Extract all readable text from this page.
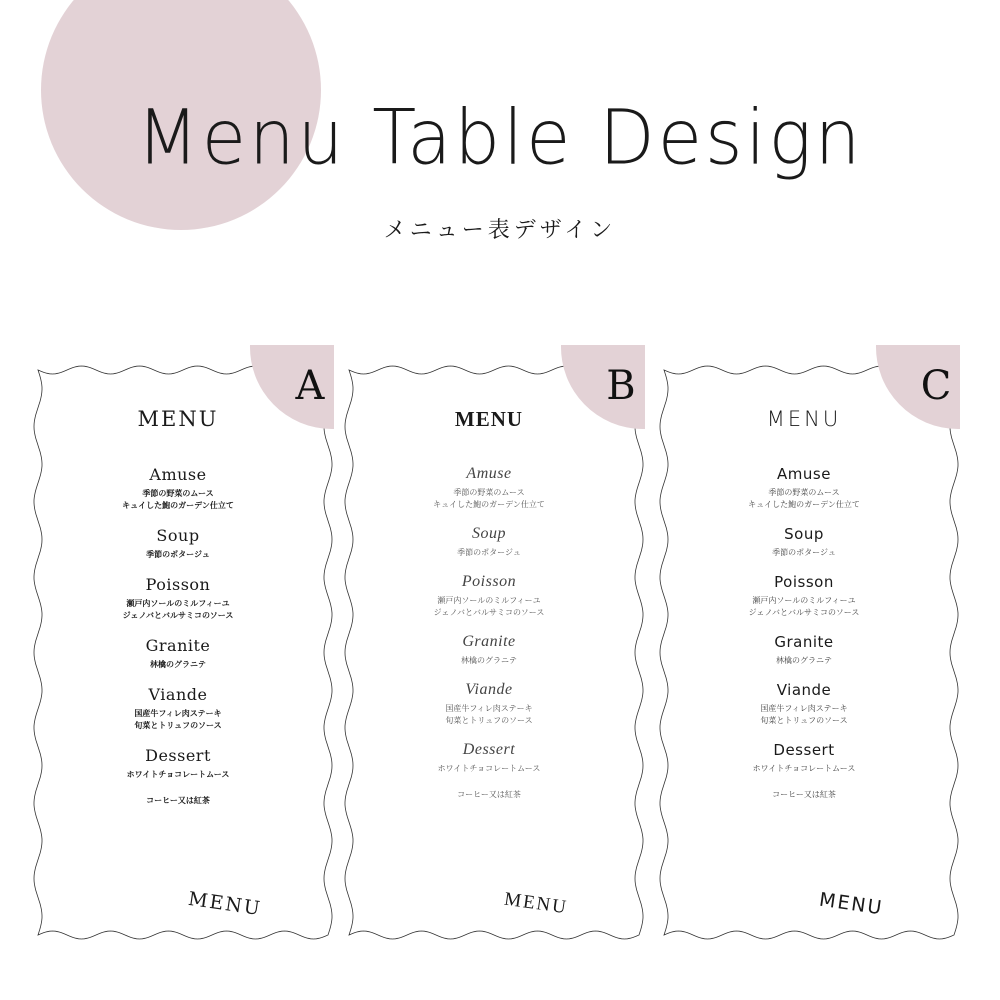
Menu Table Design
メニュー表デザイン
A
MENU
Amuse
季節の野菜のムース
キュイした鮑のガーデン仕立て
Soup
季節のポタージュ
Poisson
瀬戸内ソールのミルフィーユ
ジェノバとバルサミコのソース
Granite
林檎のグラニテ
Viande
国産牛フィレ肉ステーキ
旬菜とトリュフのソース
Dessert
ホワイトチョコレートムース
コーヒー又は紅茶
MENU
B
MENU
Amuse
季節の野菜のムース
キュイした鮑のガーデン仕立て
Soup
季節のポタージュ
Poisson
瀬戸内ソールのミルフィーユ
ジェノバとバルサミコのソース
Granite
林檎のグラニテ
Viande
国産牛フィレ肉ステーキ
旬菜とトリュフのソース
Dessert
ホワイトチョコレートムース
コーヒー又は紅茶
MENU
C
MENU
Amuse
季節の野菜のムース
キュイした鮑のガーデン仕立て
Soup
季節のポタージュ
Poisson
瀬戸内ソールのミルフィーユ
ジェノバとバルサミコのソース
Granite
林檎のグラニテ
Viande
国産牛フィレ肉ステーキ
旬菜とトリュフのソース
Dessert
ホワイトチョコレートムース
コーヒー又は紅茶
MENU
